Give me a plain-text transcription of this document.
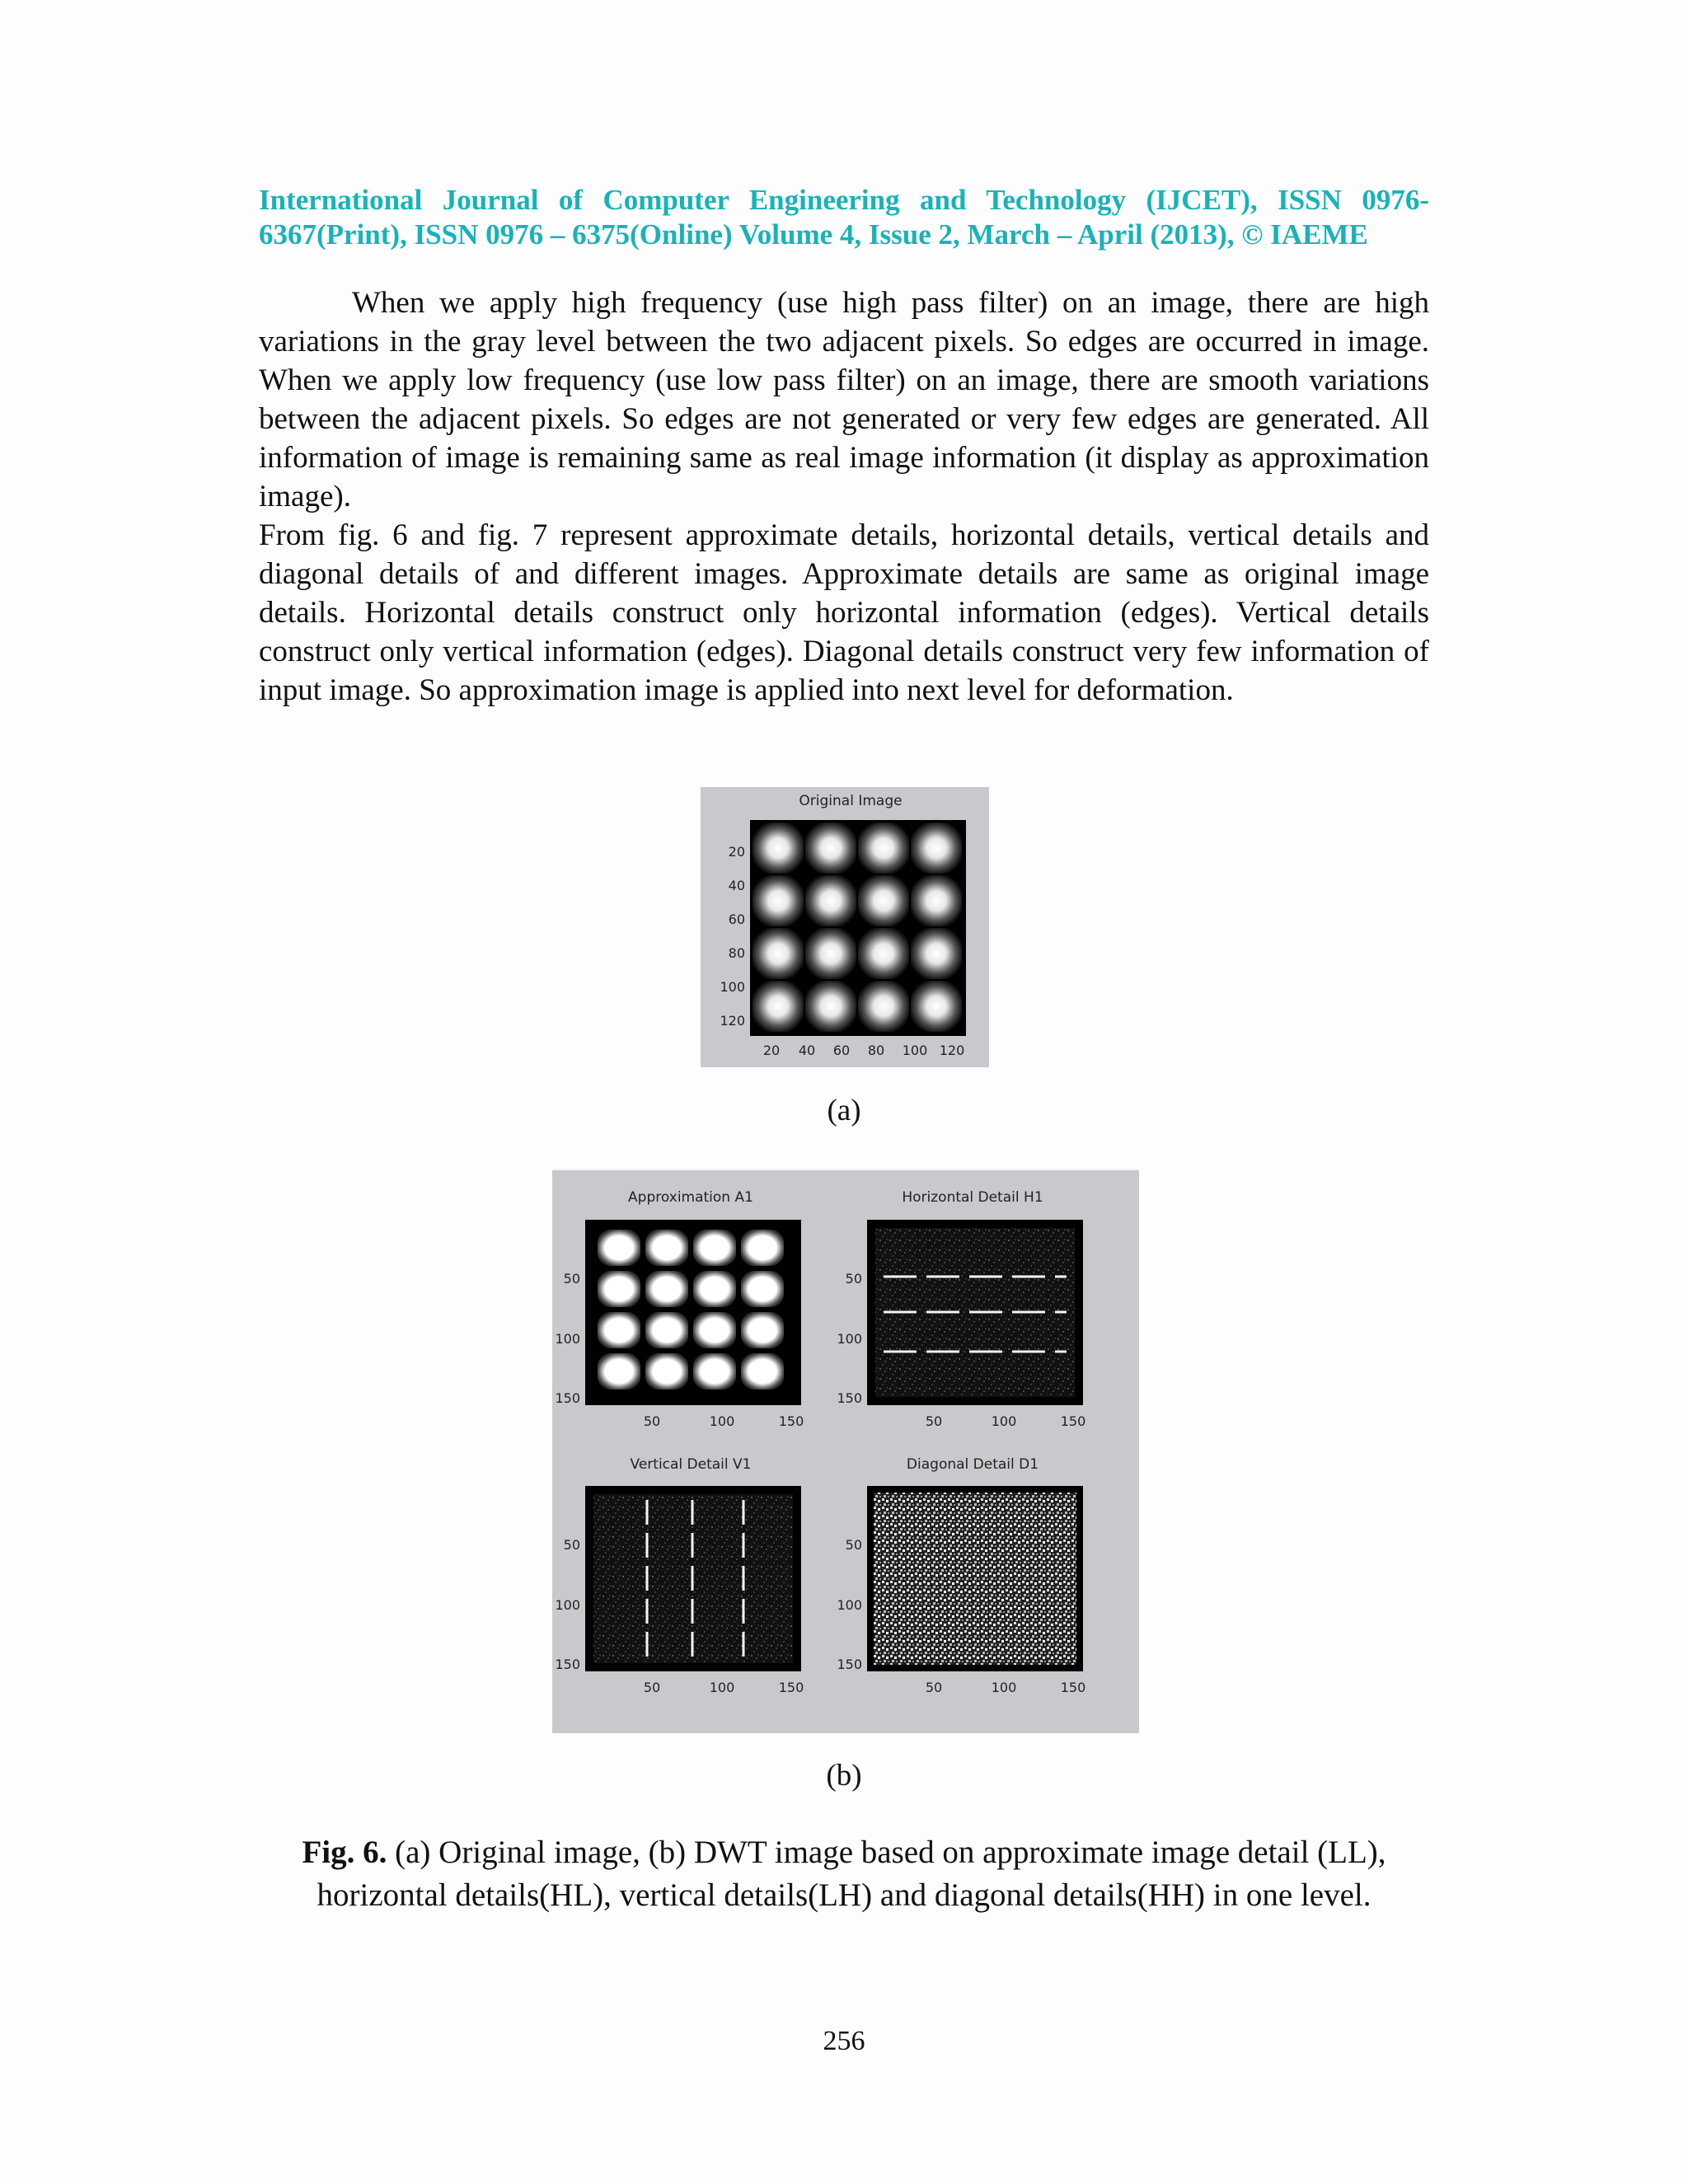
International Journal of Computer Engineering and Technology (IJCET), ISSN 0976-6367(Print), ISSN 0976 – 6375(Online) Volume 4, Issue 2, March – April (2013), © IAEME

When we apply high frequency (use high pass filter) on an image, there are high variations in the gray level between the two adjacent pixels. So edges are occurred in image. When we apply low frequency (use low pass filter) on an image, there are smooth variations between the adjacent pixels. So edges are not generated or very few edges are generated. All information of image is remaining same as real image information (it display as approximation image).

From fig. 6 and fig. 7 represent approximate details, horizontal details, vertical details and diagonal details of and different images. Approximate details are same as original image details. Horizontal details construct only horizontal information (edges). Vertical details construct only vertical information (edges). Diagonal details construct very few information of input image. So approximation image is applied into next level for deformation.

Original Image
20
40
60
80
100
120
20 40 60 80 100 120
(a)
Approximation A1	Horizontal Detail H1
Vertical Detail V1	Diagonal Detail D1
50
100
150
50
100
150
50
100
150
50
100
150
50	100	150	50	100	150
50	100	150	50	100	150
(b)
Fig. 6. (a) Original image, (b) DWT image based on approximate image detail (LL), horizontal details(HL), vertical details(LH) and diagonal details(HH) in one level.
256
